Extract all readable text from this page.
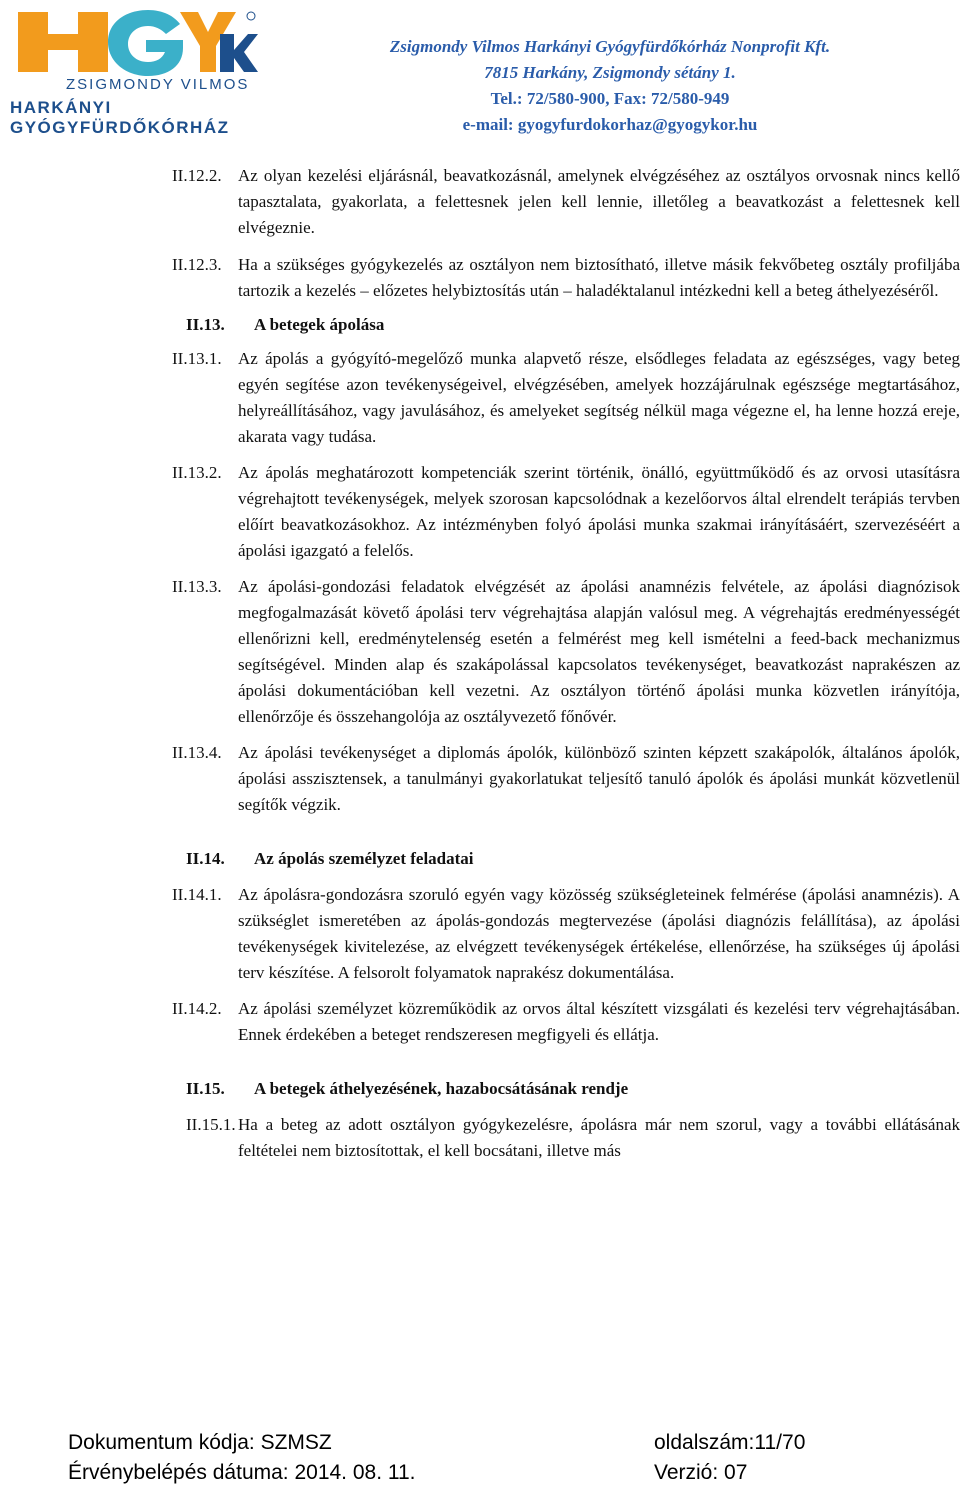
ZSIGMONDY VILMOS
HARKÁNYI GYÓGYFÜRDŐKÓRHÁZ
Zsigmondy Vilmos Harkányi Gyógyfürdőkórház Nonprofit Kft.
7815 Harkány, Zsigmondy sétány 1.
Tel.: 72/580-900, Fax: 72/580-949
e-mail: gyogyfurdokorhaz@gyogykor.hu
II.12.2. Az olyan kezelési eljárásnál, beavatkozásnál, amelynek elvégzéséhez az osztályos orvosnak nincs kellő tapasztalata, gyakorlata, a felettesnek jelen kell lennie, illetőleg a beavatkozást a felettesnek kell elvégeznie.
II.12.3. Ha a szükséges gyógykezelés az osztályon nem biztosítható, illetve másik fekvőbeteg osztály profiljába tartozik a kezelés – előzetes helybiztosítás után – haladéktalanul intézkedni kell a beteg áthelyezéséről.
II.13. A betegek ápolása
II.13.1. Az ápolás a gyógyító-megelőző munka alapvető része, elsődleges feladata az egészséges, vagy beteg egyén segítése azon tevékenységeivel, elvégzésében, amelyek hozzájárulnak egészsége megtartásához, helyreállításához, vagy javulásához, és amelyeket segítség nélkül maga végezne el, ha lenne hozzá ereje, akarata vagy tudása.
II.13.2. Az ápolás meghatározott kompetenciák szerint történik, önálló, együttműködő és az orvosi utasításra végrehajtott tevékenységek, melyek szorosan kapcsolódnak a kezelőorvos által elrendelt terápiás tervben előírt beavatkozásokhoz. Az intézményben folyó ápolási munka szakmai irányításáért, szervezéséért a ápolási igazgató a felelős.
II.13.3. Az ápolási-gondozási feladatok elvégzését az ápolási anamnézis felvétele, az ápolási diagnózisok megfogalmazását követő ápolási terv végrehajtása alapján valósul meg. A végrehajtás eredményességét ellenőrizni kell, eredménytelenség esetén a felmérést meg kell ismételni a feed-back mechanizmus segítségével. Minden alap és szakápolással kapcsolatos tevékenységet, beavatkozást naprakészen az ápolási dokumentációban kell vezetni. Az osztályon történő ápolási munka közvetlen irányítója, ellenőrzője és összehangolója az osztályvezető főnővér.
II.13.4. Az ápolási tevékenységet a diplomás ápolók, különböző szinten képzett szakápolók, általános ápolók, ápolási asszisztensek, a tanulmányi gyakorlatukat teljesítő tanuló ápolók és ápolási munkát közvetlenül segítők végzik.
II.14. Az ápolás személyzet feladatai
II.14.1. Az ápolásra-gondozásra szoruló egyén vagy közösség szükségleteinek felmérése (ápolási anamnézis). A szükséglet ismeretében az ápolás-gondozás megtervezése (ápolási diagnózis felállítása), az ápolási tevékenységek kivitelezése, az elvégzett tevékenységek értékelése, ellenőrzése, ha szükséges új ápolási terv készítése. A felsorolt folyamatok naprakész dokumentálása.
II.14.2. Az ápolási személyzet közreműködik az orvos által készített vizsgálati és kezelési terv végrehajtásában. Ennek érdekében a beteget rendszeresen megfigyeli és ellátja.
II.15. A betegek áthelyezésének, hazabocsátásának rendje
II.15.1. Ha a beteg az adott osztályon gyógykezelésre, ápolásra már nem szorul, vagy a további ellátásának feltételei nem biztosítottak, el kell bocsátani, illetve más
Dokumentum kódja: SZMSZ	oldalszám:11/70
Érvénybelépés dátuma: 2014. 08. 11.	Verzió: 07
